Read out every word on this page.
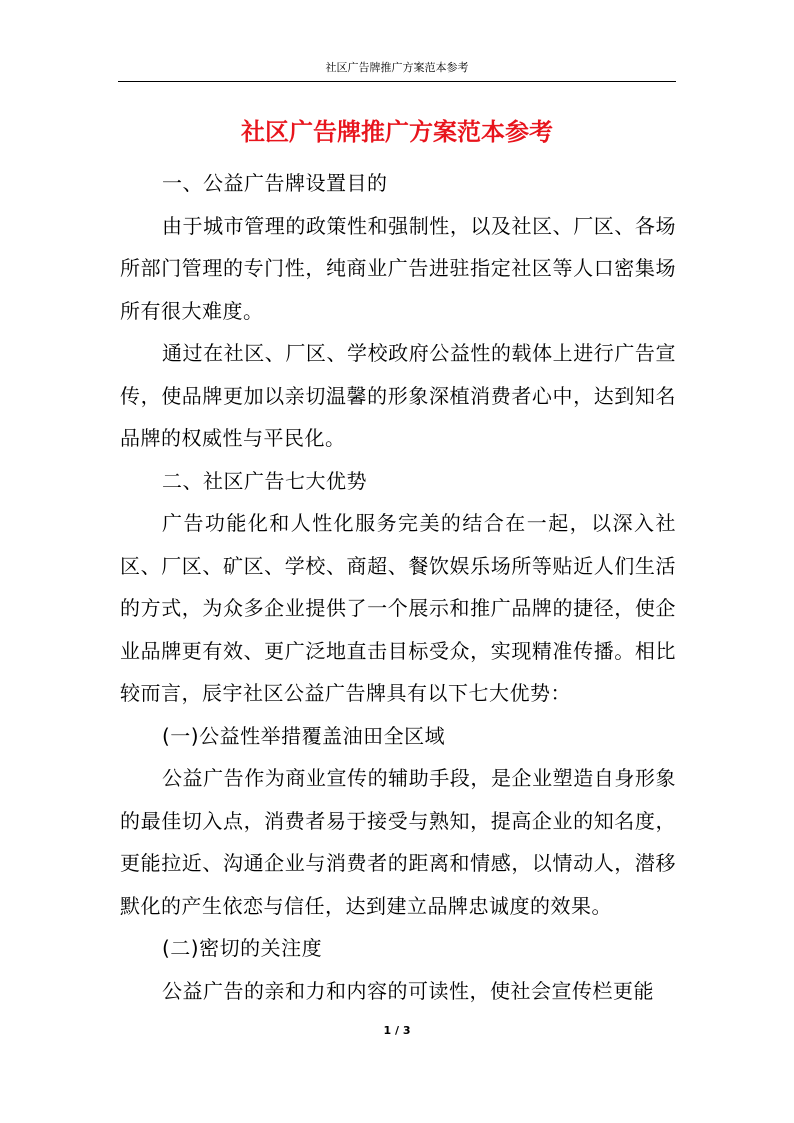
社区广告牌推广方案范本参考
社区广告牌推广方案范本参考

一、公益广告牌设置目的

由于城市管理的政策性和强制性，以及社区、厂区、各场所部门管理的专门性，纯商业广告进驻指定社区等人口密集场所有很大难度。

通过在社区、厂区、学校政府公益性的载体上进行广告宣传，使品牌更加以亲切温馨的形象深植消费者心中，达到知名品牌的权威性与平民化。

二、社区广告七大优势

广告功能化和人性化服务完美的结合在一起，以深入社区、厂区、矿区、学校、商超、餐饮娱乐场所等贴近人们生活的方式，为众多企业提供了一个展示和推广品牌的捷径，使企业品牌更有效、更广泛地直击目标受众，实现精准传播。相比较而言，辰宇社区公益广告牌具有以下七大优势：

(一)公益性举措覆盖油田全区域

公益广告作为商业宣传的辅助手段，是企业塑造自身形象的最佳切入点，消费者易于接受与熟知，提高企业的知名度，更能拉近、沟通企业与消费者的距离和情感，以情动人，潜移默化的产生依恋与信任，达到建立品牌忠诚度的效果。

(二)密切的关注度

公益广告的亲和力和内容的可读性，使社会宣传栏更能

1 / 3
